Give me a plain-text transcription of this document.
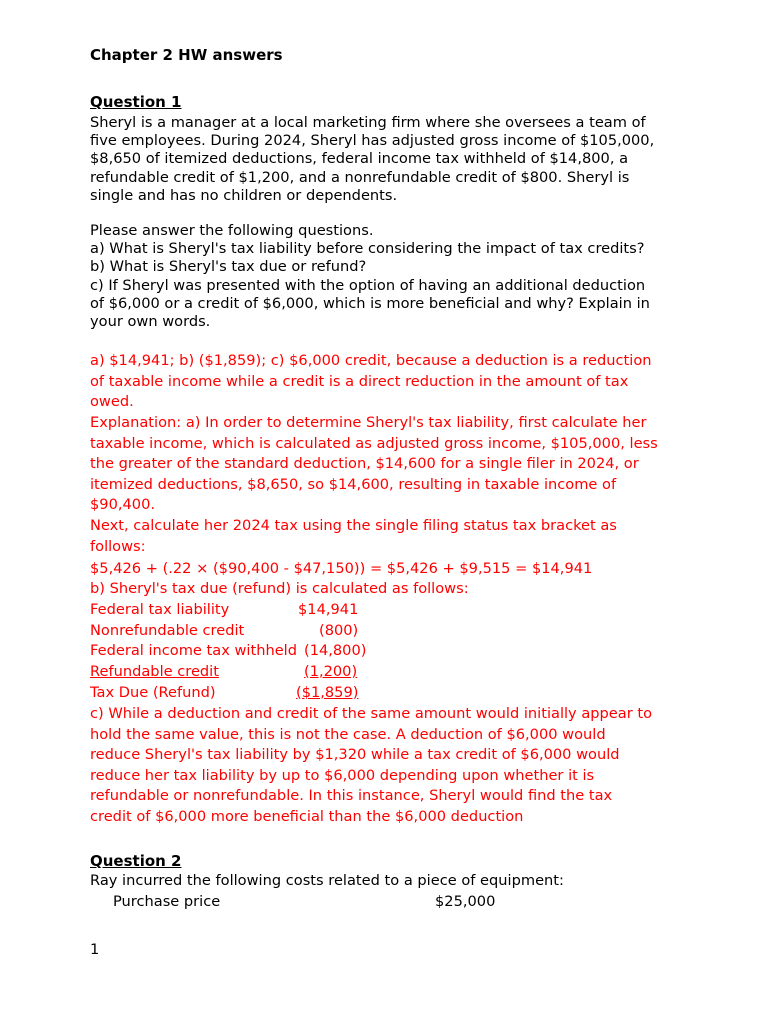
Chapter 2 HW answers
Question 1
Sheryl is a manager at a local marketing firm where she oversees a team of
five employees. During 2024, Sheryl has adjusted gross income of $105,000,
$8,650 of itemized deductions, federal income tax withheld of $14,800, a
refundable credit of $1,200, and a nonrefundable credit of $800. Sheryl is
single and has no children or dependents.
Please answer the following questions.
a) What is Sheryl's tax liability before considering the impact of tax credits?
b) What is Sheryl's tax due or refund?
c) If Sheryl was presented with the option of having an additional deduction
of $6,000 or a credit of $6,000, which is more beneficial and why? Explain in
your own words.
a) $14,941; b) ($1,859); c) $6,000 credit, because a deduction is a reduction
of taxable income while a credit is a direct reduction in the amount of tax
owed.
Explanation: a) In order to determine Sheryl's tax liability, first calculate her
taxable income, which is calculated as adjusted gross income, $105,000, less
the greater of the standard deduction, $14,600 for a single filer in 2024, or
itemized deductions, $8,650, so $14,600, resulting in taxable income of
$90,400.
Next, calculate her 2024 tax using the single filing status tax bracket as
follows:
$5,426 + (.22 × ($90,400 - $47,150)) = $5,426 + $9,515 = $14,941
b) Sheryl's tax due (refund) is calculated as follows:
Federal tax liability	$14,941
Nonrefundable credit	(800)
Federal income tax withheld (14,800)
Refundable credit	(1,200)
Tax Due (Refund)	($1,859)
c) While a deduction and credit of the same amount would initially appear to
hold the same value, this is not the case. A deduction of $6,000 would
reduce Sheryl's tax liability by $1,320 while a tax credit of $6,000 would
reduce her tax liability by up to $6,000 depending upon whether it is
refundable or nonrefundable. In this instance, Sheryl would find the tax
credit of $6,000 more beneficial than the $6,000 deduction
Question 2
Ray incurred the following costs related to a piece of equipment:
Purchase price	$25,000
1
